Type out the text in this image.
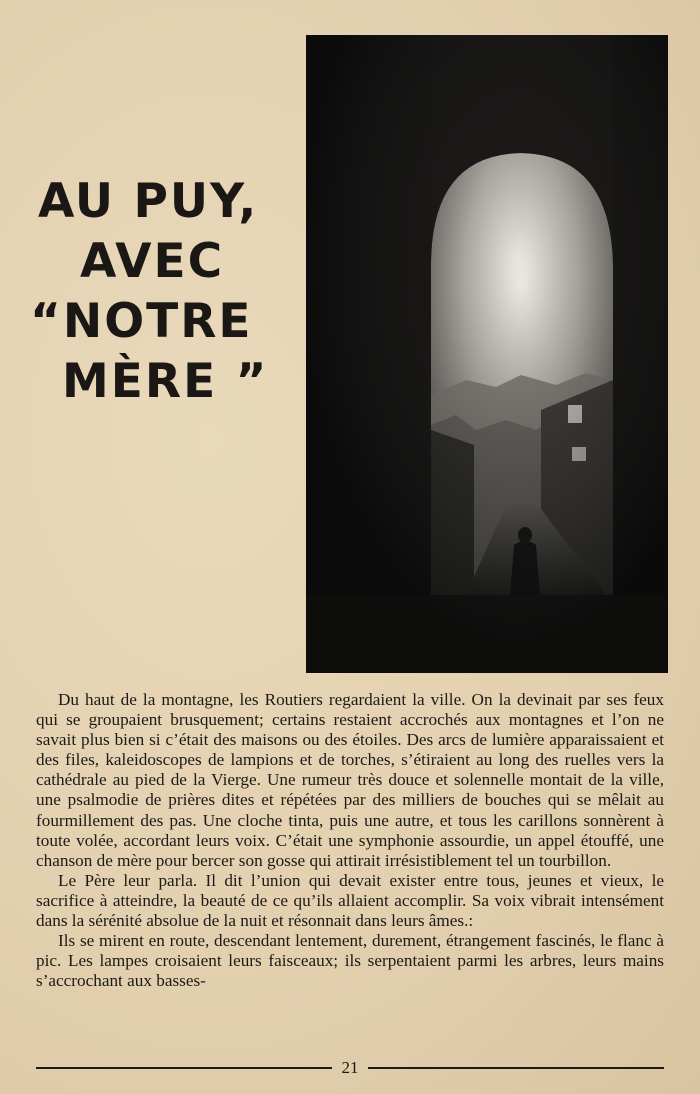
AU PUY,
AVEC
“NOTRE
MÈRE ”

Du haut de la montagne, les Routiers regardaient la ville. On la devinait par ses feux qui se groupaient brusquement; certains restaient accrochés aux montagnes et l’on ne savait plus bien si c’était des maisons ou des étoiles. Des arcs de lumière apparaissaient et des files, kaleidoscopes de lampions et de torches, s’étiraient au long des ruelles vers la cathédrale au pied de la Vierge. Une rumeur très douce et solennelle montait de la ville, une psalmodie de prières dites et répétées par des milliers de bouches qui se mêlait au fourmillement des pas. Une cloche tinta, puis une autre, et tous les carillons sonnèrent à toute volée, accordant leurs voix. C’était une symphonie assourdie, un appel étouffé, une chanson de mère pour bercer son gosse qui attirait irrésistiblement tel un tourbillon.

Le Père leur parla. Il dit l’union qui devait exister entre tous, jeunes et vieux, le sacrifice à atteindre, la beauté de ce qu’ils allaient accomplir. Sa voix vibrait intensément dans la sérénité absolue de la nuit et résonnait dans leurs âmes.:

Ils se mirent en route, descendant lentement, durement, étrangement fascinés, le flanc à pic. Les lampes croisaient leurs faisceaux; ils serpentaient parmi les arbres, leurs mains s’accrochant aux basses-

21
